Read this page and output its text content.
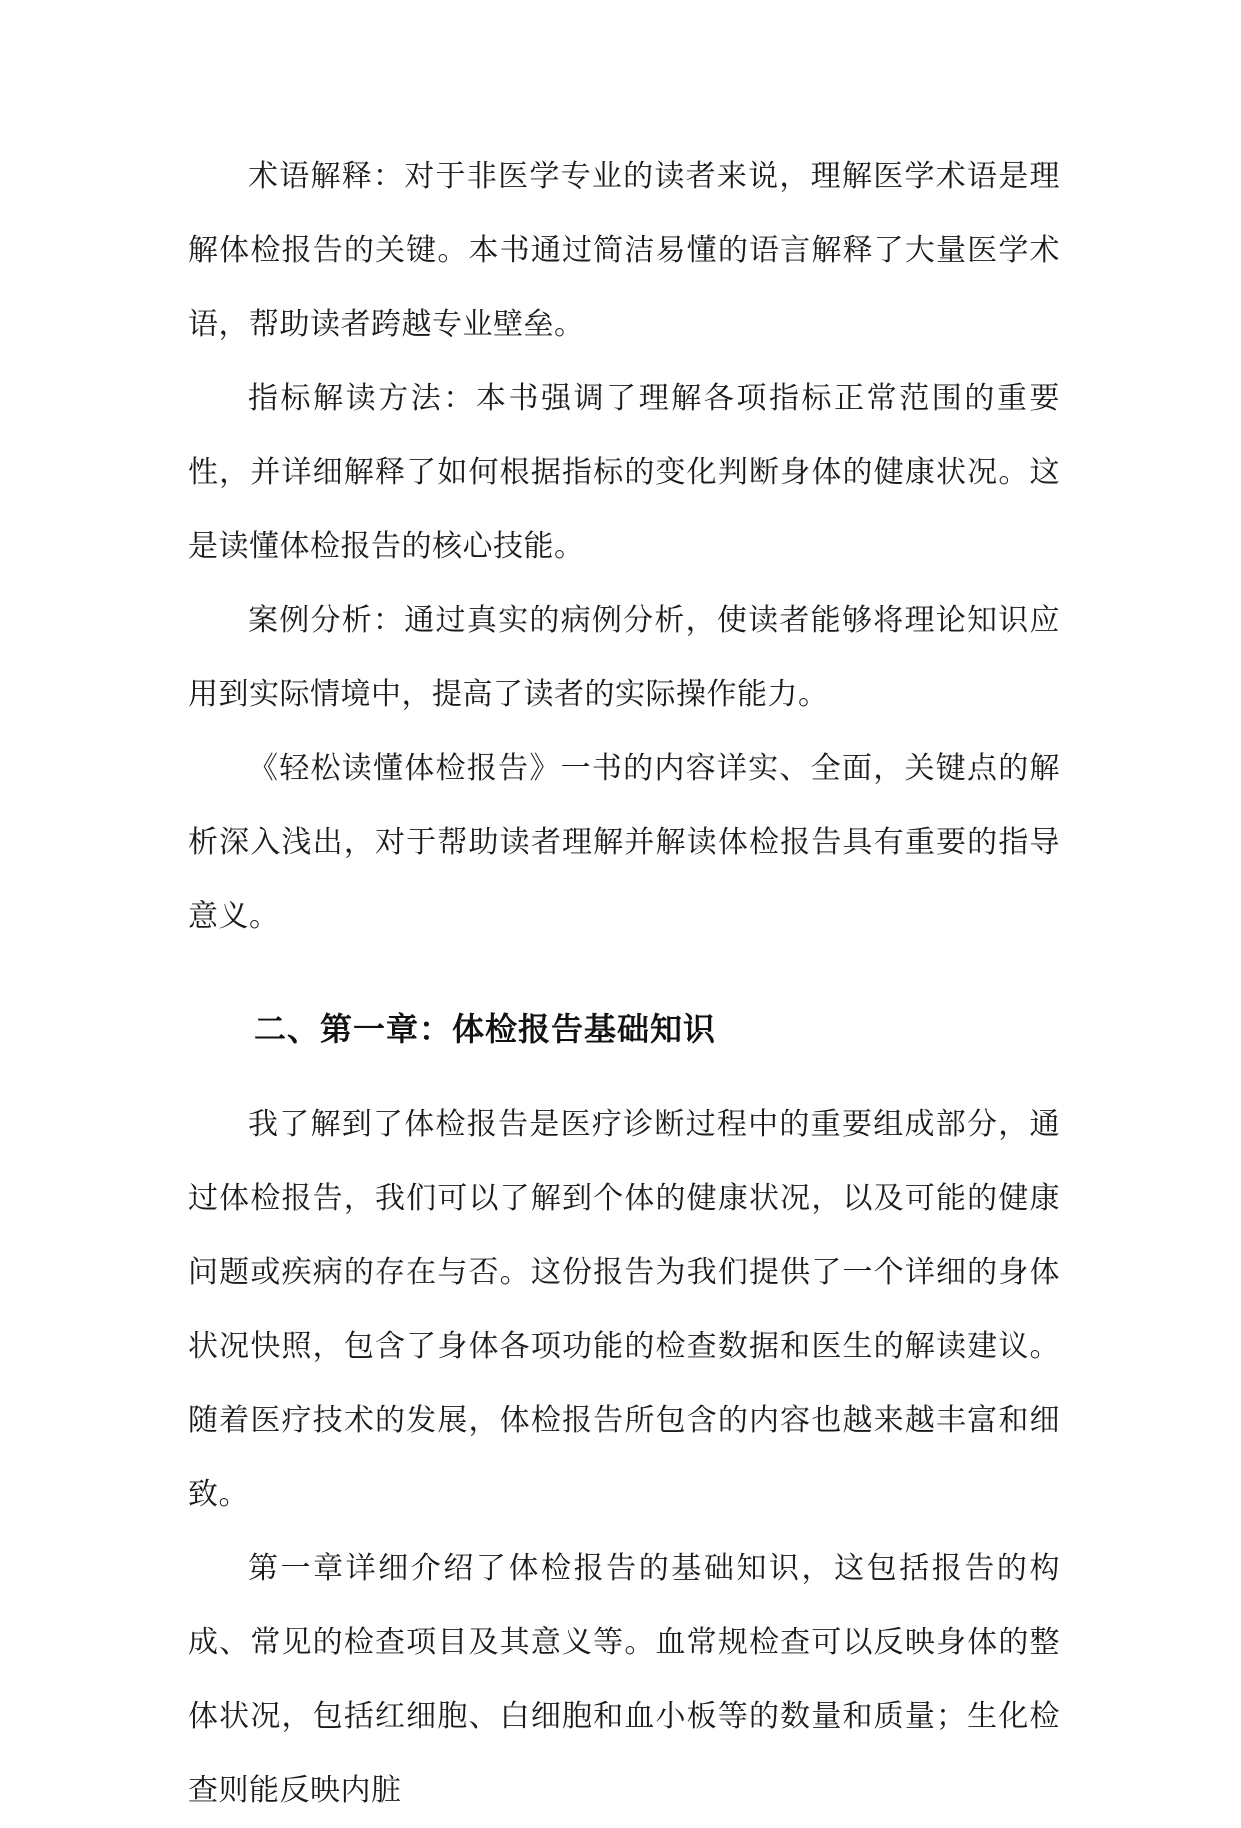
术语解释：对于非医学专业的读者来说，理解医学术语是理解体检报告的关键。本书通过简洁易懂的语言解释了大量医学术语，帮助读者跨越专业壁垒。

指标解读方法：本书强调了理解各项指标正常范围的重要性，并详细解释了如何根据指标的变化判断身体的健康状况。这是读懂体检报告的核心技能。

案例分析：通过真实的病例分析，使读者能够将理论知识应用到实际情境中，提高了读者的实际操作能力。

《轻松读懂体检报告》一书的内容详实、全面，关键点的解析深入浅出，对于帮助读者理解并解读体检报告具有重要的指导意义。

二、第一章：体检报告基础知识

我了解到了体检报告是医疗诊断过程中的重要组成部分，通过体检报告，我们可以了解到个体的健康状况，以及可能的健康问题或疾病的存在与否。这份报告为我们提供了一个详细的身体状况快照，包含了身体各项功能的检查数据和医生的解读建议。随着医疗技术的发展，体检报告所包含的内容也越来越丰富和细致。

第一章详细介绍了体检报告的基础知识，这包括报告的构成、常见的检查项目及其意义等。血常规检查可以反映身体的整体状况，包括红细胞、白细胞和血小板等的数量和质量；生化检查则能反映内脏
